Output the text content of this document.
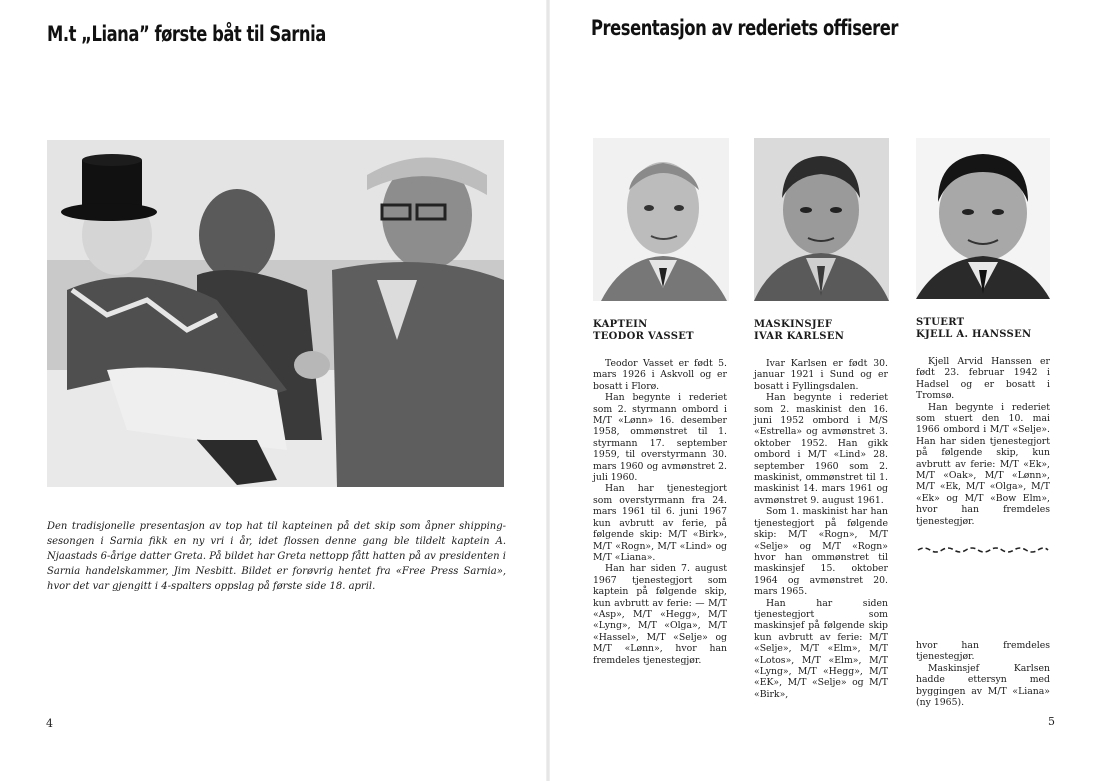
M.t „Liana” første båt til Sarnia
Den tradisjonelle presentasjon av top hat til kapteinen på det skip som åpner shipping-sesongen i Sarnia fikk en ny vri i år, idet flossen denne gang ble tildelt kaptein A. Njaastads 6-årige datter Greta. På bildet har Greta nettopp fått hatten på av presidenten i Sarnia handelskammer, Jim Nesbitt. Bildet er forøvrig hentet fra «Free Press Sarnia», hvor det var gjengitt i 4-spalters oppslag på første side 18. april.
4
Presentasjon av rederiets offiserer
KAPTEIN
TEODOR VASSET

Teodor Vasset er født 5. mars 1926 i Askvoll og er bosatt i Florø.

Han begynte i rederiet som 2. styrmann ombord i M/T «Lønn» 16. desember 1958, ommønstret til 1. styrmann 17. september 1959, til overstyrmann 30. mars 1960 og avmønstret 2. juli 1960.

Han har tjenestegjort som overstyrmann fra 24. mars 1961 til 6. juni 1967 kun avbrutt av ferie, på følgende skip: M/T «Birk», M/T «Rogn», M/T «Lind» og M/T «Liana».

Han har siden 7. august 1967 tjenestegjort som kaptein på følgende skip, kun avbrutt av ferie: — M/T «Asp», M/T «Hegg», M/T «Lyng», M/T «Olga», M/T «Hassel», M/T «Selje» og M/T «Lønn», hvor han fremdeles tjenestegjør.

MASKINSJEF
IVAR KARLSEN

Ivar Karlsen er født 30. januar 1921 i Sund og er bosatt i Fyllingsdalen.

Han begynte i rederiet som 2. maskinist den 16. juni 1952 ombord i M/S «Estrella» og avmønstret 3. oktober 1952. Han gikk ombord i M/T «Lind» 28. september 1960 som 2. maskinist, ommønstret til 1. maskinist 14. mars 1961 og avmønstret 9. august 1961.

Som 1. maskinist har han tjenestegjort på følgende skip: M/T «Rogn», M/T «Selje» og M/T «Rogn» hvor han ommønstret til maskinsjef 15. oktober 1964 og avmønstret 20. mars 1965.

Han har siden tjenestegjort som maskinsjef på følgende skip kun avbrutt av ferie: M/T «Selje», M/T «Elm», M/T «Lotos», M/T «Elm», M/T «Lyng», M/T «Hegg», M/T «EK», M/T «Selje» og M/T «Birk»,

STUERT
KJELL A. HANSSEN

Kjell Arvid Hanssen er født 23. februar 1942 i Hadsel og er bosatt i Tromsø.

Han begynte i rederiet som stuert den 10. mai 1966 ombord i M/T «Selje». Han har siden tjenestegjort på følgende skip, kun avbrutt av ferie: M/T «Ek», M/T «Oak», M/T «Lønn», M/T «Ek, M/T «Olga», M/T «Ek» og M/T «Bow Elm», hvor han fremdeles tjenestegjør.

hvor han fremdeles tjenestegjør.

Maskinsjef Karlsen hadde ettersyn med byggingen av M/T «Liana» (ny 1965).

5
